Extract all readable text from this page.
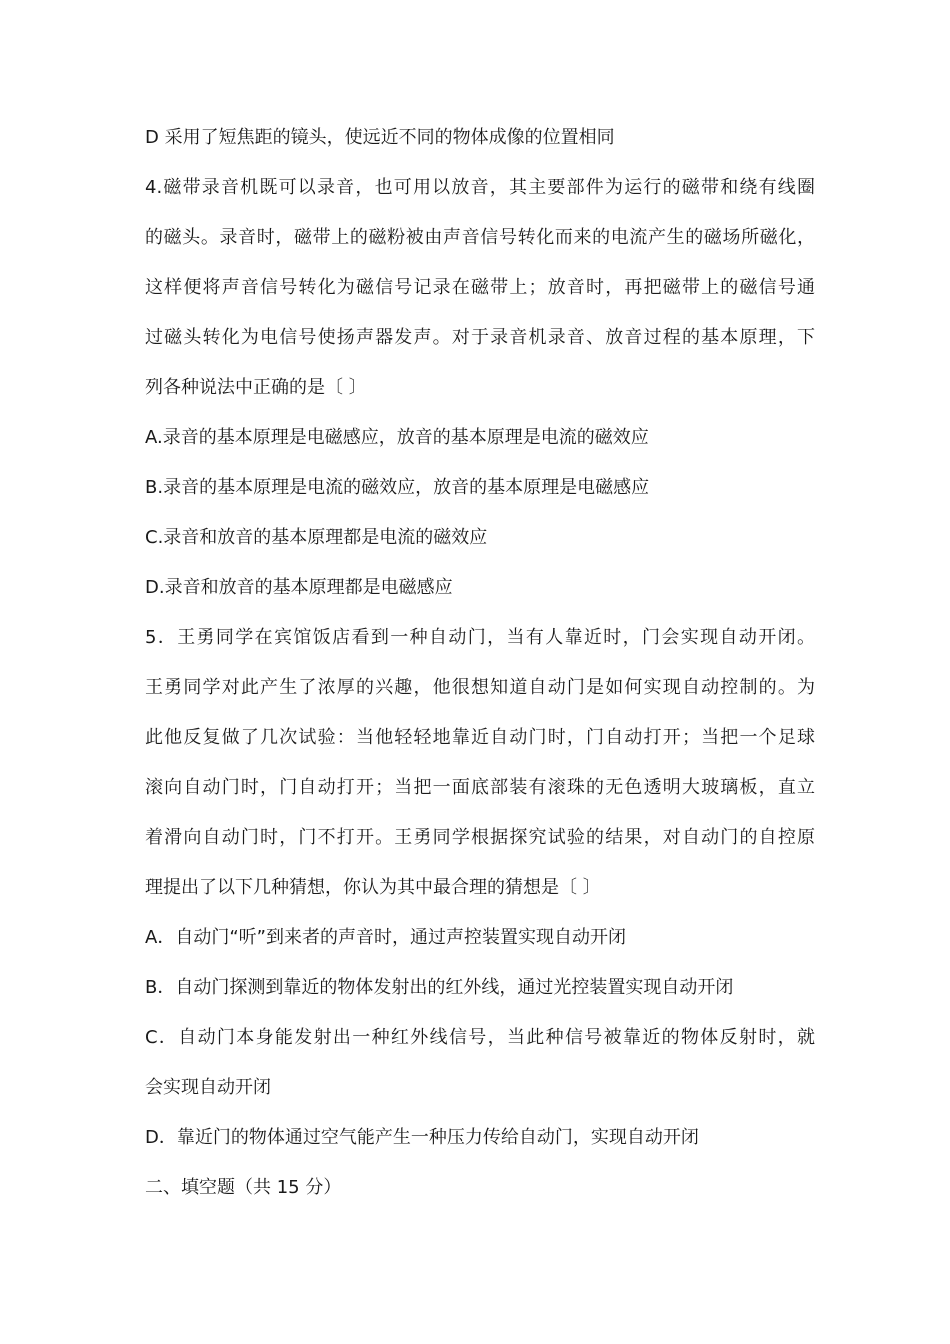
D 采用了短焦距的镜头，使远近不同的物体成像的位置相同
4.磁带录音机既可以录音，也可用以放音，其主要部件为运行的磁带和绕有线圈
的磁头。录音时，磁带上的磁粉被由声音信号转化而来的电流产生的磁场所磁化，
这样便将声音信号转化为磁信号记录在磁带上；放音时，再把磁带上的磁信号通
过磁头转化为电信号使扬声器发声。对于录音机录音、放音过程的基本原理，下
列各种说法中正确的是〔 〕
A.录音的基本原理是电磁感应，放音的基本原理是电流的磁效应
B.录音的基本原理是电流的磁效应，放音的基本原理是电磁感应
C.录音和放音的基本原理都是电流的磁效应
D.录音和放音的基本原理都是电磁感应
5．王勇同学在宾馆饭店看到一种自动门，当有人靠近时，门会实现自动开闭。
王勇同学对此产生了浓厚的兴趣，他很想知道自动门是如何实现自动控制的。为
此他反复做了几次试验：当他轻轻地靠近自动门时，门自动打开；当把一个足球
滚向自动门时，门自动打开；当把一面底部装有滚珠的无色透明大玻璃板，直立
着滑向自动门时，门不打开。王勇同学根据探究试验的结果，对自动门的自控原
理提出了以下几种猜想，你认为其中最合理的猜想是〔 〕
A．自动门“听”到来者的声音时，通过声控装置实现自动开闭
B．自动门探测到靠近的物体发射出的红外线，通过光控装置实现自动开闭
C．自动门本身能发射出一种红外线信号，当此种信号被靠近的物体反射时，就
会实现自动开闭
D．靠近门的物体通过空气能产生一种压力传给自动门，实现自动开闭
二、填空题（共 15 分）
